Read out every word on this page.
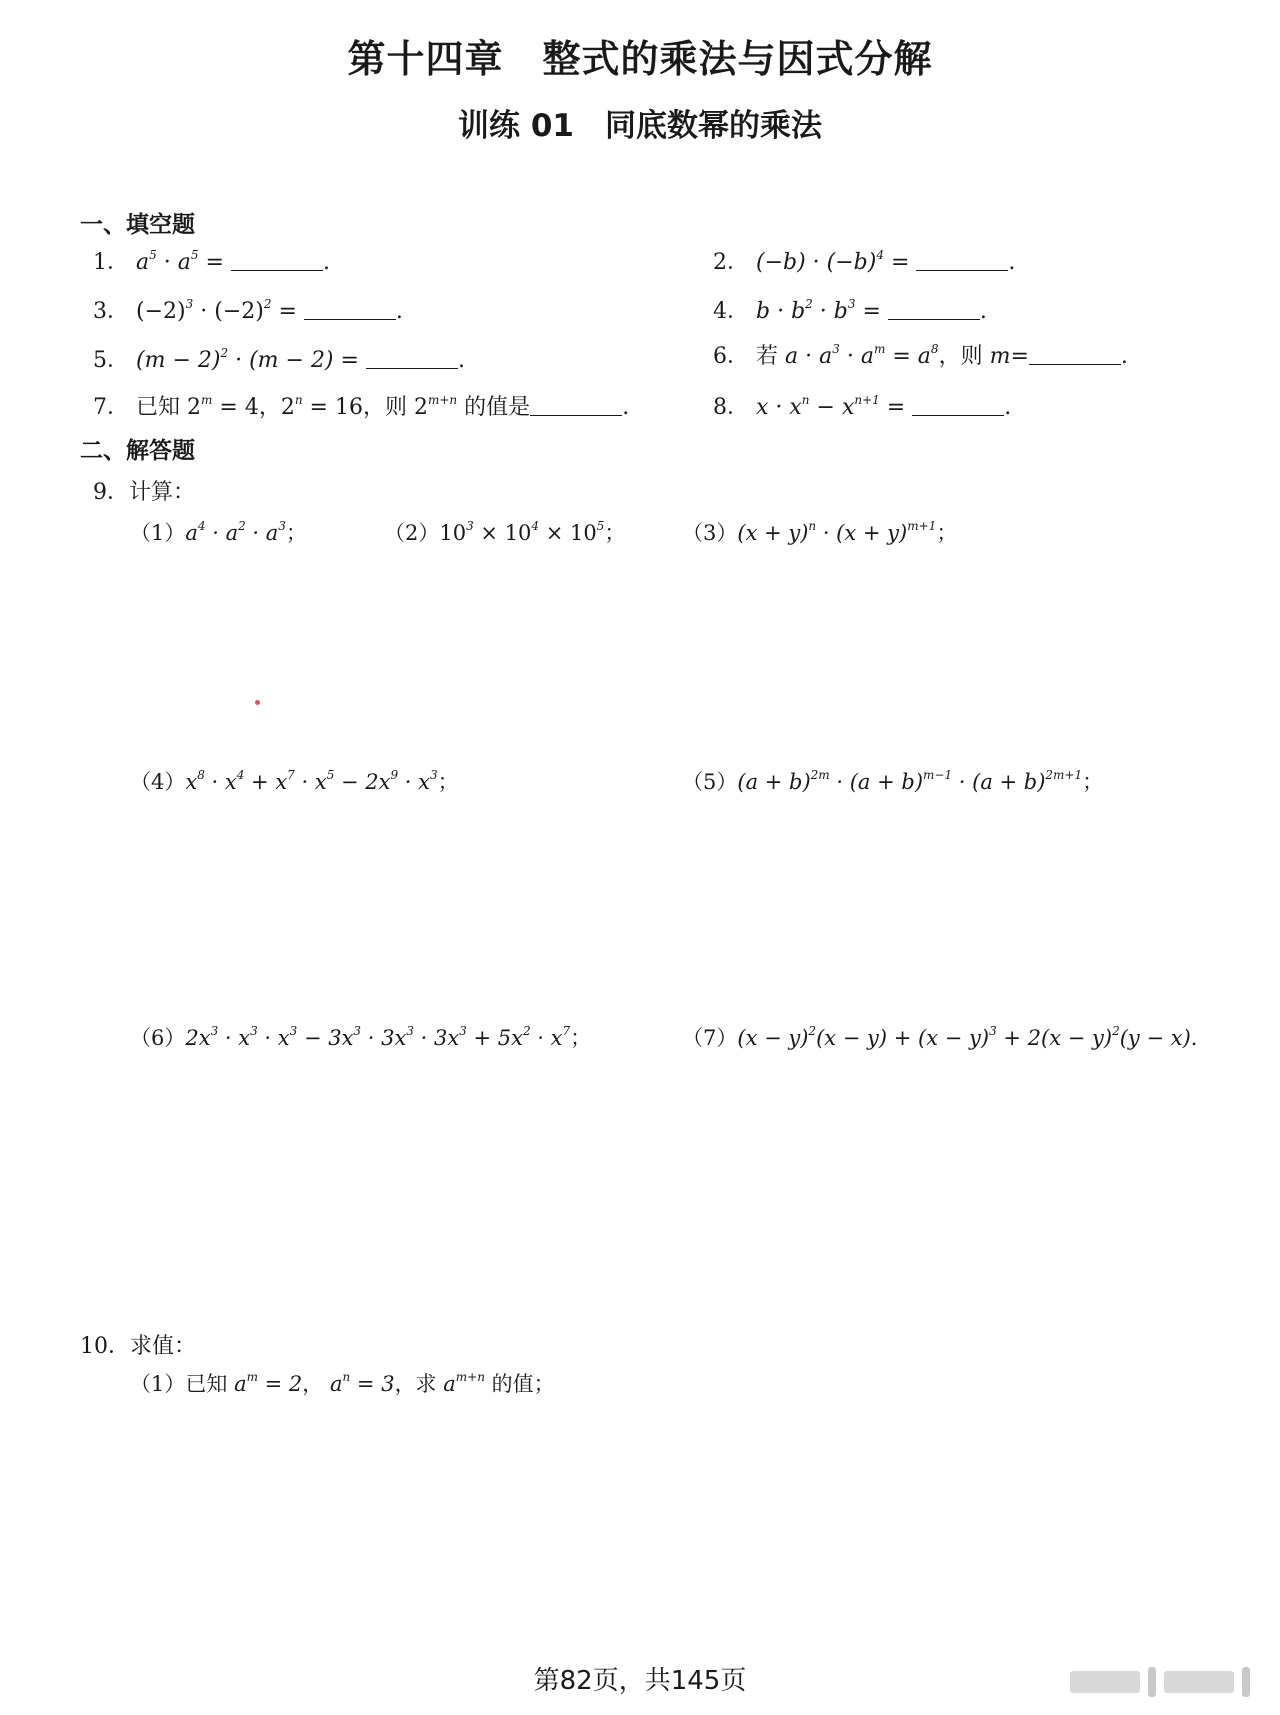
第十四章　整式的乘法与因式分解
训练 01　同底数幂的乘法
一、填空题
1． $a^5 \cdot a^5$ =	.	2． $(-b) \cdot (-b)^4$ =	.
3． $(-2)^3 \cdot (-2)^2$ =	.	4． $b \cdot b^2 \cdot b^3$ =	.
5． $(m - 2)^2 \cdot (m - 2)$ =	.	6． 若 $a \cdot a^3 \cdot a^m = a^8$，则 m=	.
7． 已知 $2^m = 4$，$2^n = 16$，则 $2^{m+n}$ 的值是	.	8． $x \cdot x^n - x^{n+1}$ =	.
二、解答题
9．计算：
$(1)a^4 \cdot a^2 \cdot a^3$；	$(2)10^3 \times 10^4 \times 10^5$；	$(3)(x + y)^n \cdot (x + y)^{m+1}$；
$(4)x^8 \cdot x^4 + x^7 \cdot x^5 - 2x^9 \cdot x^3$；	$(5)(a + b)^{2m} \cdot (a + b)^{m-1} \cdot (a + b)^{2m+1}$；
$(6)2x^3 \cdot x^3 \cdot x^3 - 3x^3 \cdot 3x^3 \cdot 3x^3 + 5x^2 \cdot x^7$；	$(7)(x - y)^2(x - y) + (x - y)^3 + 2(x - y)^2(y - x)$.
10．求值：
（1）已知 $a^m = 2$， $a^n = 3$，求 $a^{m+n}$ 的值；
第82页，共145页
